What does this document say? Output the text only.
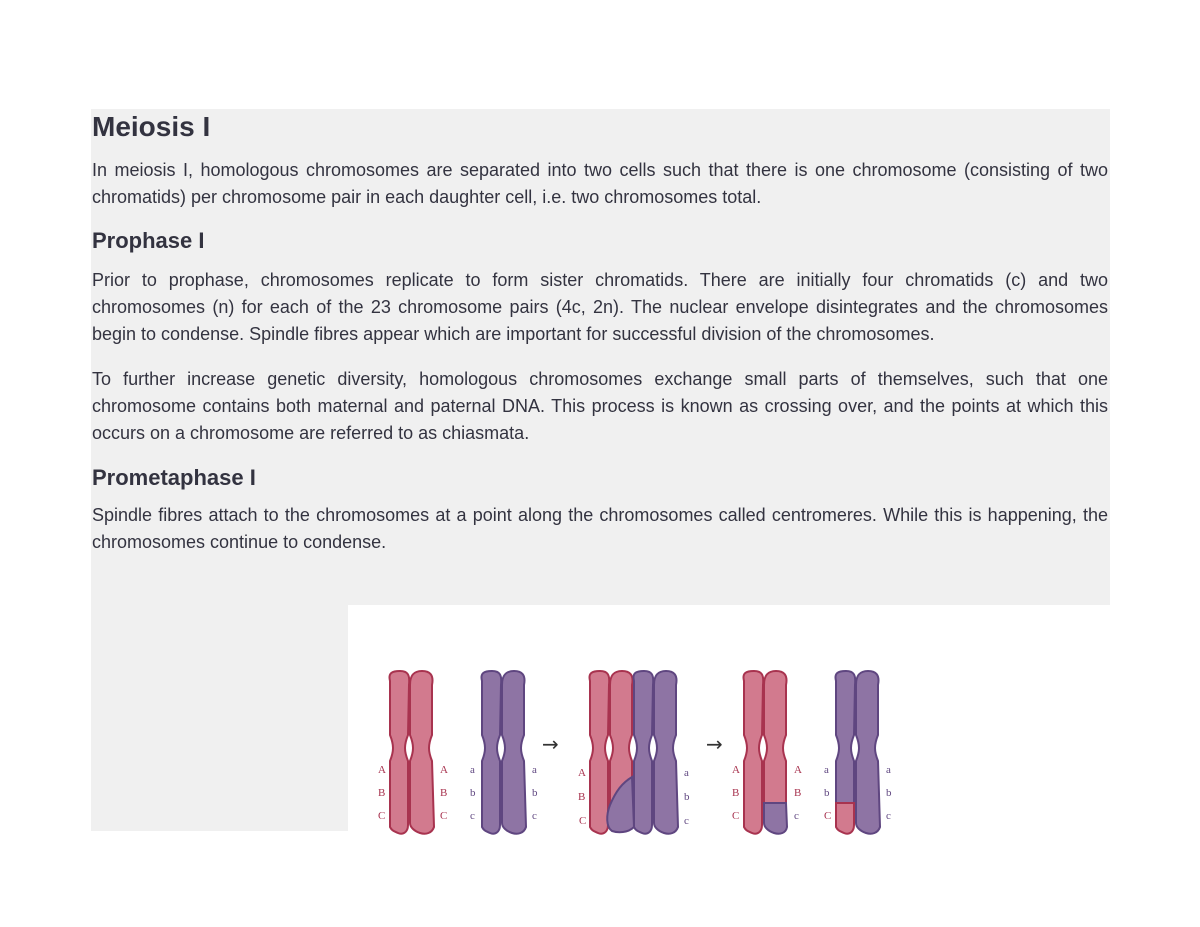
Meiosis I

In meiosis I, homologous chromosomes are separated into two cells such that there is one chromosome (consisting of two chromatids) per chromosome pair in each daughter cell, i.e. two chromosomes total.

Prophase I

Prior to prophase, chromosomes replicate to form sister chromatids. There are initially four chromatids (c) and two chromosomes (n) for each of the 23 chromosome pairs (4c, 2n). The nuclear envelope disintegrates and the chromosomes begin to condense. Spindle fibres appear which are important for successful division of the chromosomes.

To further increase genetic diversity, homologous chromosomes exchange small parts of themselves, such that one chromosome contains both maternal and paternal DNA. This process is known as crossing over, and the points at which this occurs on a chromosome are referred to as chiasmata.

Prometaphase I

Spindle fibres attach to the chromosomes at a point along the chromosomes called centromeres. While this is happening, the chromosomes continue to condense.

A
B
C
A
B
C
a
b
c
a
b
c
→
A
B
C
a
b
c
→
A
B
C
A
B
c
a
b
C
a
b
c
